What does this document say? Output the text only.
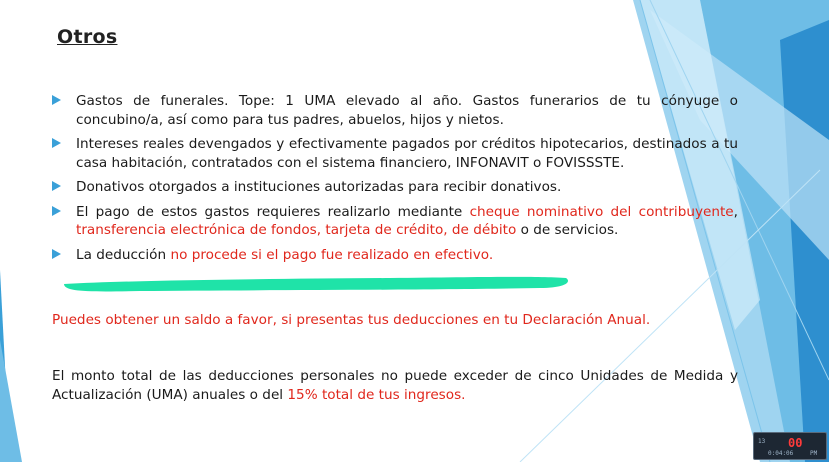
Otros
Gastos de funerales. Tope: 1 UMA elevado al año. Gastos funerarios de tu cónyuge o concubino/a, así como para tus padres, abuelos, hijos y nietos.
Intereses reales devengados y efectivamente pagados por créditos hipotecarios, destinados a tu casa habitación, contratados con el sistema financiero, INFONAVIT o FOVISSSTE.
Donativos otorgados a instituciones autorizadas para recibir donativos.
El pago de estos gastos requieres realizarlo mediante cheque nominativo del contribuyente, transferencia electrónica de fondos, tarjeta de crédito, de débito o de servicios.
La deducción no procede si el pago fue realizado en efectivo.
Puedes obtener un saldo a favor, si presentas tus deducciones en tu Declaración Anual.
El monto total de las deducciones personales no puede exceder de cinco Unidades de Medida y Actualización (UMA) anuales o del 15% total de tus ingresos.
13 00
0:04:06	PM
